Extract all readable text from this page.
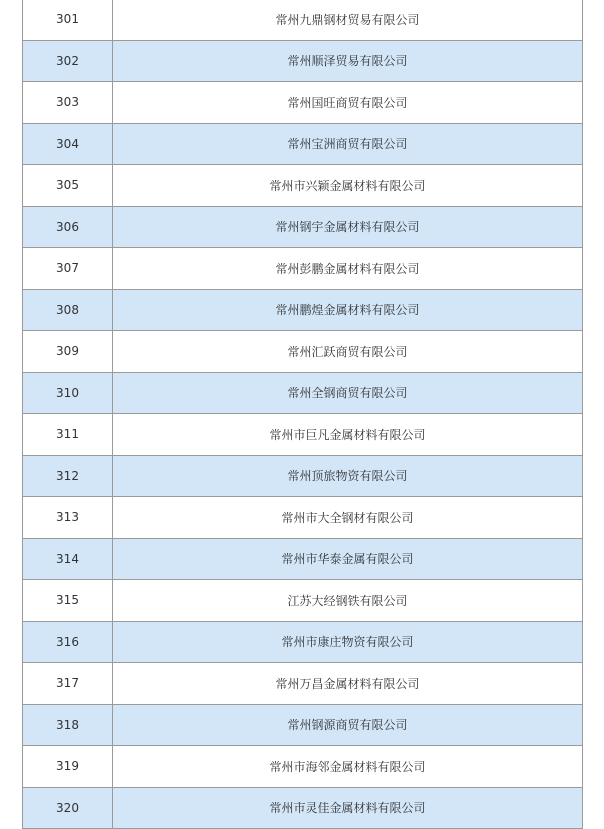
301	常州九鼎钢材贸易有限公司
302	常州顺泽贸易有限公司
303	常州国旺商贸有限公司
304	常州宝洲商贸有限公司
305	常州市兴颖金属材料有限公司
306	常州钢宇金属材料有限公司
307	常州彭鹏金属材料有限公司
308	常州鹏煌金属材料有限公司
309	常州汇跃商贸有限公司
310	常州全钢商贸有限公司
311	常州市巨凡金属材料有限公司
312	常州顶旅物资有限公司
313	常州市大全钢材有限公司
314	常州市华泰金属有限公司
315	江苏大经钢铁有限公司
316	常州市康庄物资有限公司
317	常州万昌金属材料有限公司
318	常州钢源商贸有限公司
319	常州市海邻金属材料有限公司
320	常州市灵佳金属材料有限公司
